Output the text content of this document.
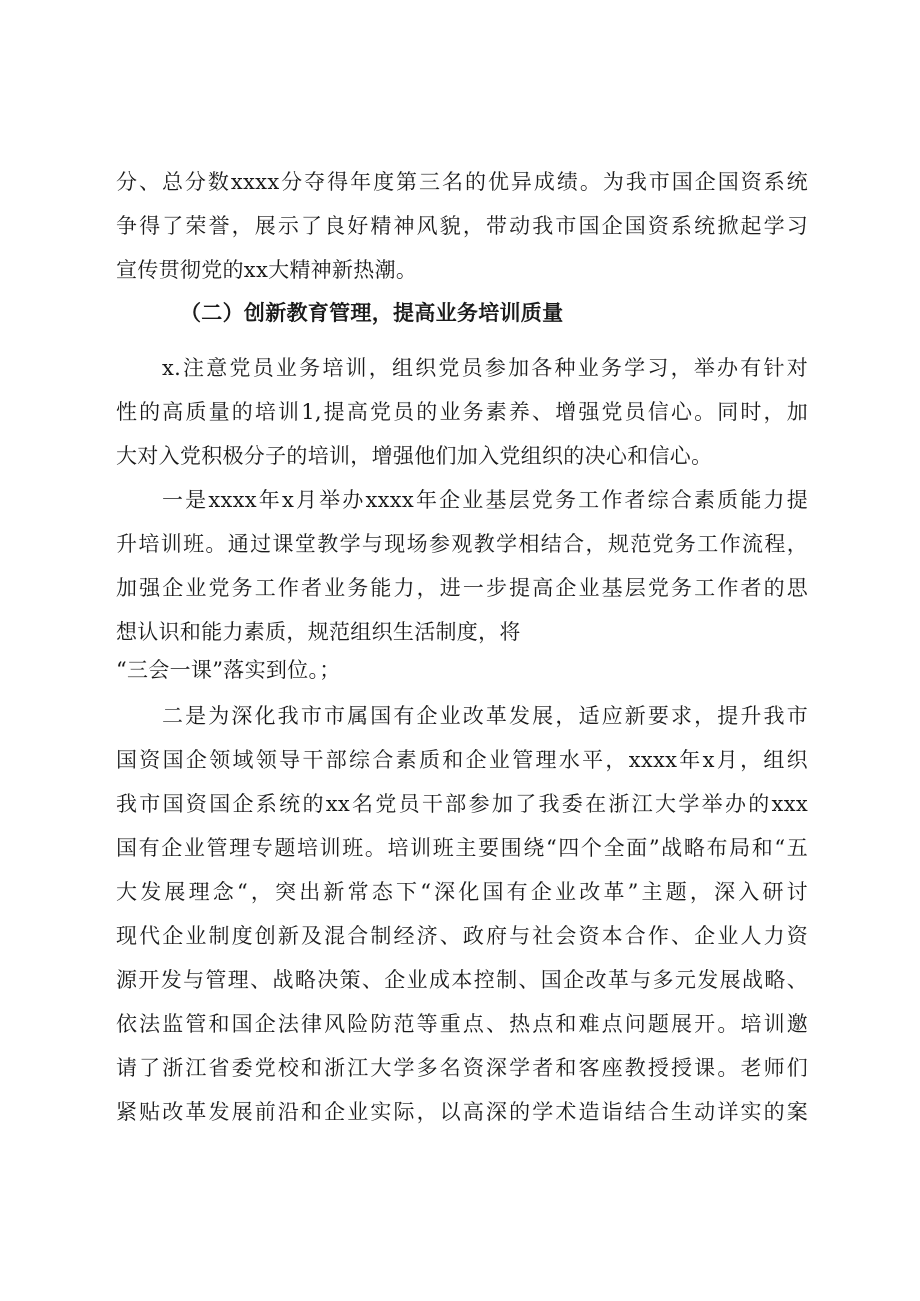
分、总分数xxxx分夺得年度第三名的优异成绩。为我市国企国资系统
争得了荣誉，展示了良好精神风貌，带动我市国企国资系统掀起学习
宣传贯彻党的xx大精神新热潮。
（二）创新教育管理，提高业务培训质量
x.注意党员业务培训，组织党员参加各种业务学习，举办有针对
性的高质量的培训1,提高党员的业务素养、增强党员信心。同时，加
大对入党积极分子的培训，增强他们加入党组织的决心和信心。
一是xxxx年x月举办xxxx年企业基层党务工作者综合素质能力提
升培训班。通过课堂教学与现场参观教学相结合，规范党务工作流程，
加强企业党务工作者业务能力，进一步提高企业基层党务工作者的思
想认识和能力素质，规范组织生活制度，将
“三会一课”落实到位。；
二是为深化我市市属国有企业改革发展，适应新要求，提升我市
国资国企领域领导干部综合素质和企业管理水平，xxxx年x月，组织
我市国资国企系统的xx名党员干部参加了我委在浙江大学举办的xxx
国有企业管理专题培训班。培训班主要围绕“四个全面”战略布局和“五
大发展理念“，突出新常态下“深化国有企业改革”主题，深入研讨
现代企业制度创新及混合制经济、政府与社会资本合作、企业人力资
源开发与管理、战略决策、企业成本控制、国企改革与多元发展战略、
依法监管和国企法律风险防范等重点、热点和难点问题展开。培训邀
请了浙江省委党校和浙江大学多名资深学者和客座教授授课。老师们
紧贴改革发展前沿和企业实际，以高深的学术造诣结合生动详实的案
